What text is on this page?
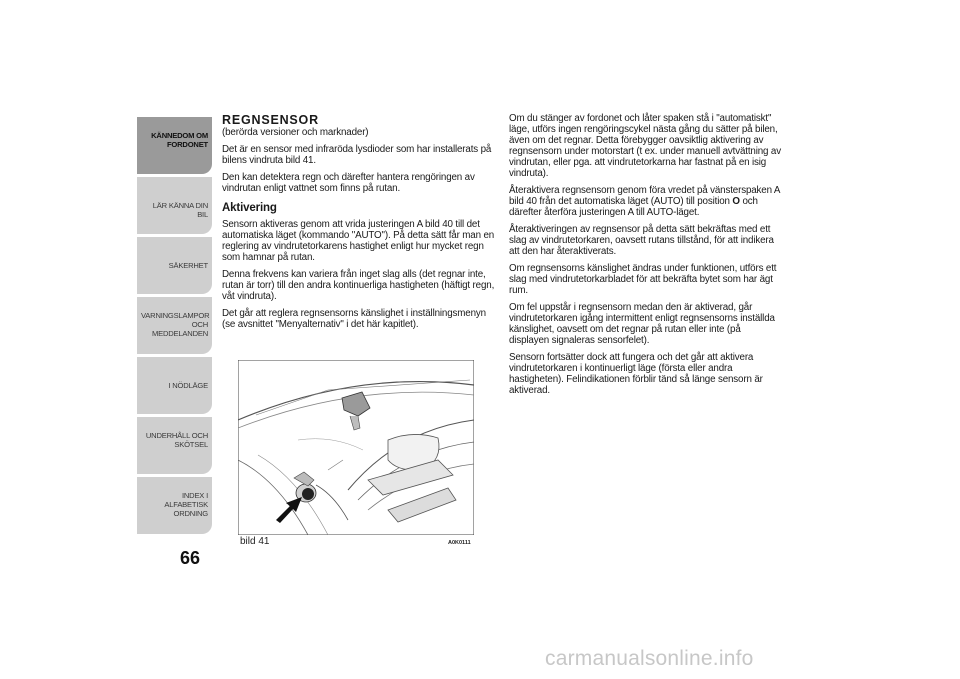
KÄNNEDOM OM
FORDONET
LÄR KÄNNA DIN BIL
SÄKERHET
VARNINGSLAMPOR
OCH MEDDELANDEN
I NÖDLÄGE
UNDERHÅLL OCH
SKÖTSEL
INDEX I ALFABETISK
ORDNING
66
REGNSENSOR

(berörda versioner och marknader)

Det är en sensor med infraröda lysdioder som har installerats på bilens vindruta bild 41.

Den kan detektera regn och därefter hantera rengöringen av vindrutan enligt vattnet som finns på rutan.

Aktivering

Sensorn aktiveras genom att vrida justeringen A bild 40 till det automatiska läget (kommando "AUTO"). På detta sätt får man en reglering av vindrutetorkarens hastighet enligt hur mycket regn som hamnar på rutan.

Denna frekvens kan variera från inget slag alls (det regnar inte, rutan är torr) till den andra kontinuerliga hastigheten (häftigt regn, våt vindruta).

Det går att reglera regnsensorns känslighet i inställningsmenyn (se avsnittet "Menyalternativ" i det här kapitlet).

bild 41	A0K0111

Om du stänger av fordonet och låter spaken stå i "automatiskt" läge, utförs ingen rengöringscykel nästa gång du sätter på bilen, även om det regnar. Detta förebygger oavsiktlig aktivering av regnsensorn under motorstart (t ex. under manuell avtvättning av vindrutan, eller pga. att vindrutetorkarna har fastnat på en isig vindruta).

Återaktivera regnsensorn genom föra vredet på vänsterspaken A bild 40 från det automatiska läget (AUTO) till position O och därefter återföra justeringen A till AUTO-läget.

Återaktiveringen av regnsensor på detta sätt bekräftas med ett slag av vindrutetorkaren, oavsett rutans tillstånd, för att indikera att den har återaktiverats.

Om regnsensorns känslighet ändras under funktionen, utförs ett slag med vindrutetorkarbladet för att bekräfta bytet som har ägt rum.

Om fel uppstår i regnsensorn medan den är aktiverad, går vindrutetorkaren igång intermittent enligt regnsensorns inställda känslighet, oavsett om det regnar på rutan eller inte (på displayen signaleras sensorfelet).

Sensorn fortsätter dock att fungera och det går att aktivera vindrutetorkaren i kontinuerligt läge (första eller andra hastigheten). Felindikationen förblir tänd så länge sensorn är aktiverad.

carmanualsonline.info
